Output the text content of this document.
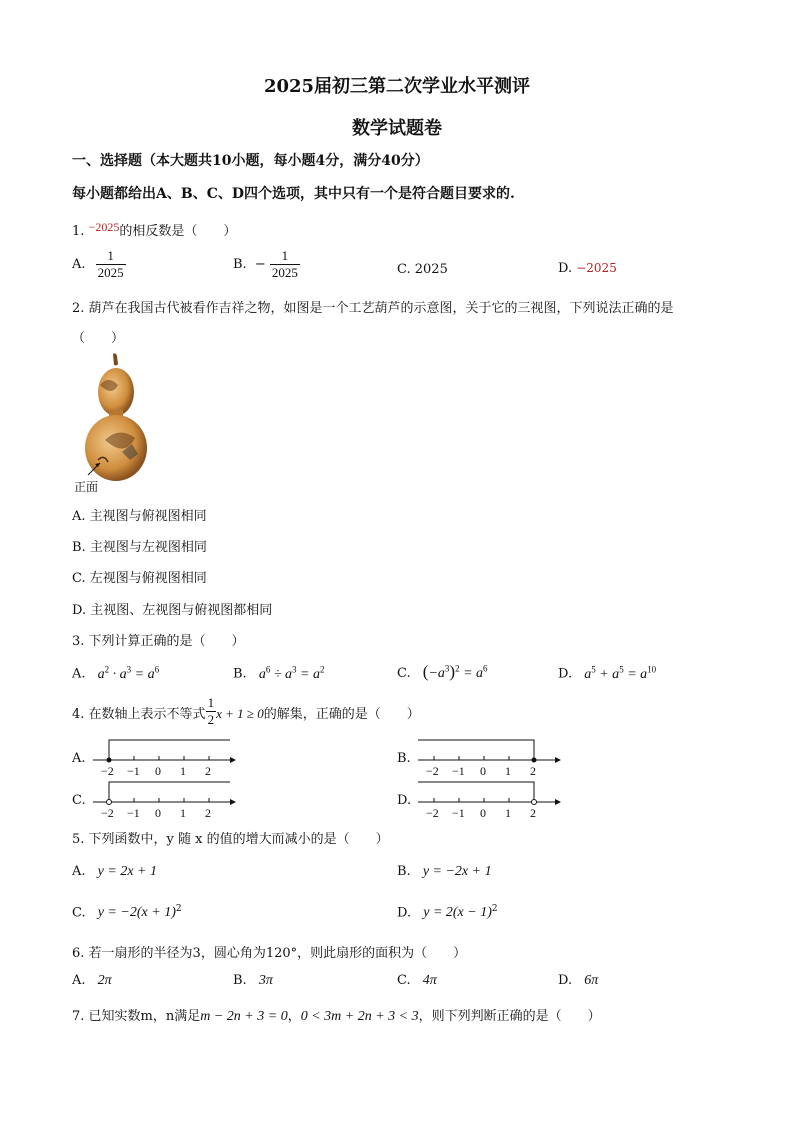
2025届初三第二次学业水平测评
数学试题卷
一、选择题（本大题共10小题，每小题4分，满分40分）
每小题都给出A、B、C、D四个选项，其中只有一个是符合题目要求的.
1. −2025的相反数是（　　）
A. $\frac{1}{2025}$	B. − $\frac{1}{2025}$	C. 2025	D. −2025
2. 葫芦在我国古代被看作吉祥之物，如图是一个工艺葫芦的示意图，关于它的三视图，下列说法正确的是
（　　）
正面
A. 主视图与俯视图相同
B. 主视图与左视图相同
C. 左视图与俯视图相同
D. 主视图、左视图与俯视图都相同
3. 下列计算正确的是（　　）
A. $a^2 \cdot a^3 = a^6$	B. $a^6 \div a^3 = a^2$	C. $(-a^3)^2 = a^6$	D. $a^5 + a^5 = a^{10}$
4. 在数轴上表示不等式 $\frac{1}{2}$ x + 1 ≥ 0的解集，正确的是（　　）
A.	B.
C.	D.
−2 −1 0 1 2	−2 −1 0 1 2
−2 −1 0 1 2	−2 −1 0 1 2
5. 下列函数中，y 随 x 的值的增大而减小的是（　　）
A. y = 2x + 1	B. y = −2x + 1
C. $y = -2(x + 1)^2$	D. $y = 2(x - 1)^2$
6. 若一扇形的半径为3，圆心角为120°，则此扇形的面积为（　　）
A. 2π	B. 3π	C. 4π	D. 6π
7. 已知实数m，n满足m − 2n + 3 = 0，0 < 3m + 2n + 3 < 3，则下列判断正确的是（　　）
